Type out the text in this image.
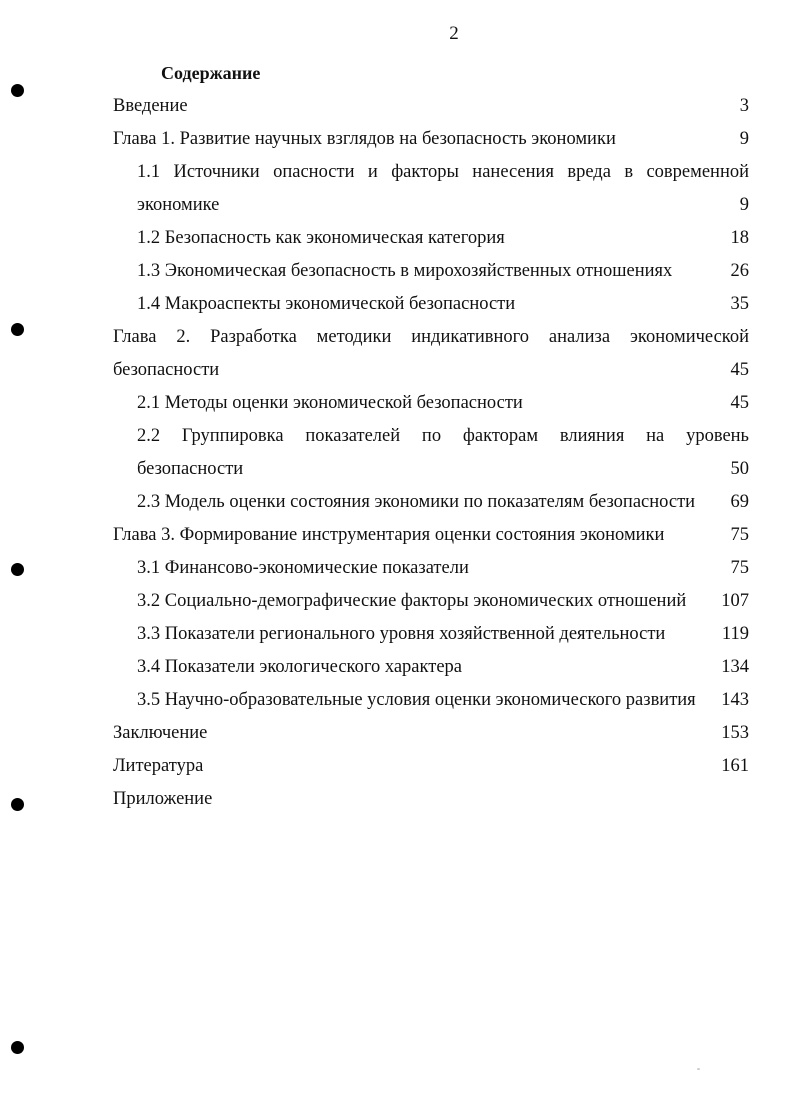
2
Содержание
Введение	3
Глава 1. Развитие научных взглядов на безопасность экономики	9
1.1 Источники опасности и факторы нанесения вреда в современной
экономике	9
1.2 Безопасность как экономическая категория	18
1.3 Экономическая безопасность в мирохозяйственных отношениях	26
1.4 Макроаспекты экономической безопасности	35
Глава 2. Разработка методики индикативного анализа экономической
безопасности	45
2.1 Методы оценки экономической безопасности	45
2.2 Группировка показателей по факторам влияния на уровень
безопасности	50
2.3 Модель оценки состояния экономики по показателям безопасности 69
Глава 3. Формирование инструментария оценки состояния экономики	75
3.1 Финансово-экономические показатели	75
3.2 Социально-демографические факторы экономических отношений 107
3.3 Показатели регионального уровня хозяйственной деятельности	119
3.4 Показатели экологического характера	134
3.5 Научно-образовательные условия оценки экономического развития 143
Заключение	153
Литература	161
Приложение
